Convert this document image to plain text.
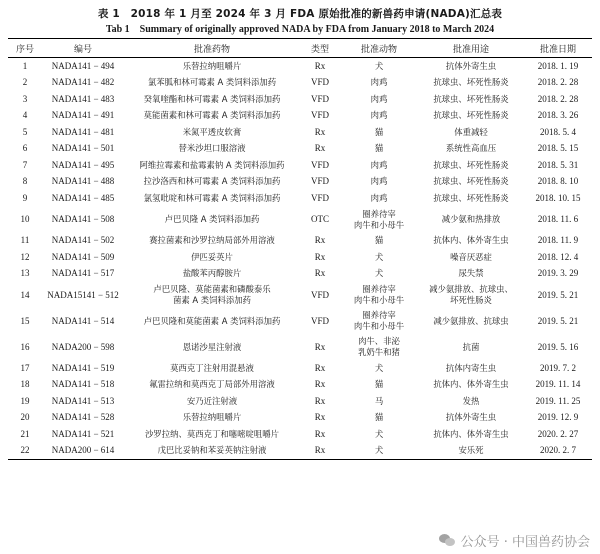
表 1　2018 年 1 月至 2024 年 3 月 FDA 原始批准的新兽药申请(NADA)汇总表
Tab 1　Summary of originally approved NADA by FDA from January 2018 to March 2024
序号	编号	批准药物	类型	批准动物	批准用途	批准日期
1	NADA141 − 494	乐替拉纳咀嚼片	Rx	犬	抗体外寄生虫	2018. 1. 19
2	NADA141 − 482	氯苯胍和林可霉素 A 类饲料添加药	VFD	肉鸡	抗球虫、坏死性肠炎	2018. 2. 28
3	NADA141 − 483	癸氧喹酯和林可霉素 A 类饲料添加药	VFD	肉鸡	抗球虫、坏死性肠炎	2018. 2. 28
4	NADA141 − 491	莫能菌素和林可霉素 A 类饲料添加药	VFD	肉鸡	抗球虫、坏死性肠炎	2018. 3. 26
5	NADA141 − 481	米氮平透皮软膏	Rx	猫	体重减轻	2018. 5. 4
6	NADA141 − 501	替米沙坦口服溶液	Rx	猫	系统性高血压	2018. 5. 15
7	NADA141 − 495	阿维拉霉素和盐霉素钠 A 类饲料添加药	VFD	肉鸡	抗球虫、坏死性肠炎	2018. 5. 31
8	NADA141 − 488	拉沙洛西和林可霉素 A 类饲料添加药	VFD	肉鸡	抗球虫、坏死性肠炎	2018. 8. 10
9	NADA141 − 485	氯氢吡啶和林可霉素 A 类饲料添加药	VFD	肉鸡	抗球虫、坏死性肠炎	2018. 10. 15
10	NADA141 − 508	卢巴贝隆 A 类饲料添加药	OTC	圈养待宰
肉牛和小母牛	减少氨和热排放	2018. 11. 6
11	NADA141 − 502	赛拉菌素和沙罗拉纳局部外用溶液	Rx	猫	抗体内、体外寄生虫	2018. 11. 9
12	NADA141 − 509	伊匹妥英片	Rx	犬	噪音厌恶症	2018. 12. 4
13	NADA141 − 517	盐酸苯丙醇胺片	Rx	犬	尿失禁	2019. 3. 29
14	NADA15141 − 512	卢巴贝隆、莫能菌素和磷酸泰乐
菌素 A 类饲料添加药	VFD	圈养待宰
肉牛和小母牛	减少氨排放、抗球虫、
坏死性肠炎	2019. 5. 21
15	NADA141 − 514	卢巴贝隆和莫能菌素 A 类饲料添加药	VFD	圈养待宰
肉牛和小母牛	减少氨排放、抗球虫	2019. 5. 21
16	NADA200 − 598	恩诺沙星注射液	Rx	肉牛、非泌
乳奶牛和猪	抗菌	2019. 5. 16
17	NADA141 − 519	莫西克丁注射用混悬液	Rx	犬	抗体内寄生虫	2019. 7. 2
18	NADA141 − 518	氟雷拉纳和莫西克丁局部外用溶液	Rx	猫	抗体内、体外寄生虫	2019. 11. 14
19	NADA141 − 513	安乃近注射液	Rx	马	发热	2019. 11. 25
20	NADA141 − 528	乐替拉纳咀嚼片	Rx	猫	抗体外寄生虫	2019. 12. 9
21	NADA141 − 521	沙罗拉纳、莫西克丁和噻嘧啶咀嚼片	Rx	犬	抗体内、体外寄生虫	2020. 2. 27
22	NADA200 − 614	戊巴比妥钠和苯妥英钠注射液	Rx	犬	安乐死	2020. 2. 7
公众号 · 中国兽药协会
